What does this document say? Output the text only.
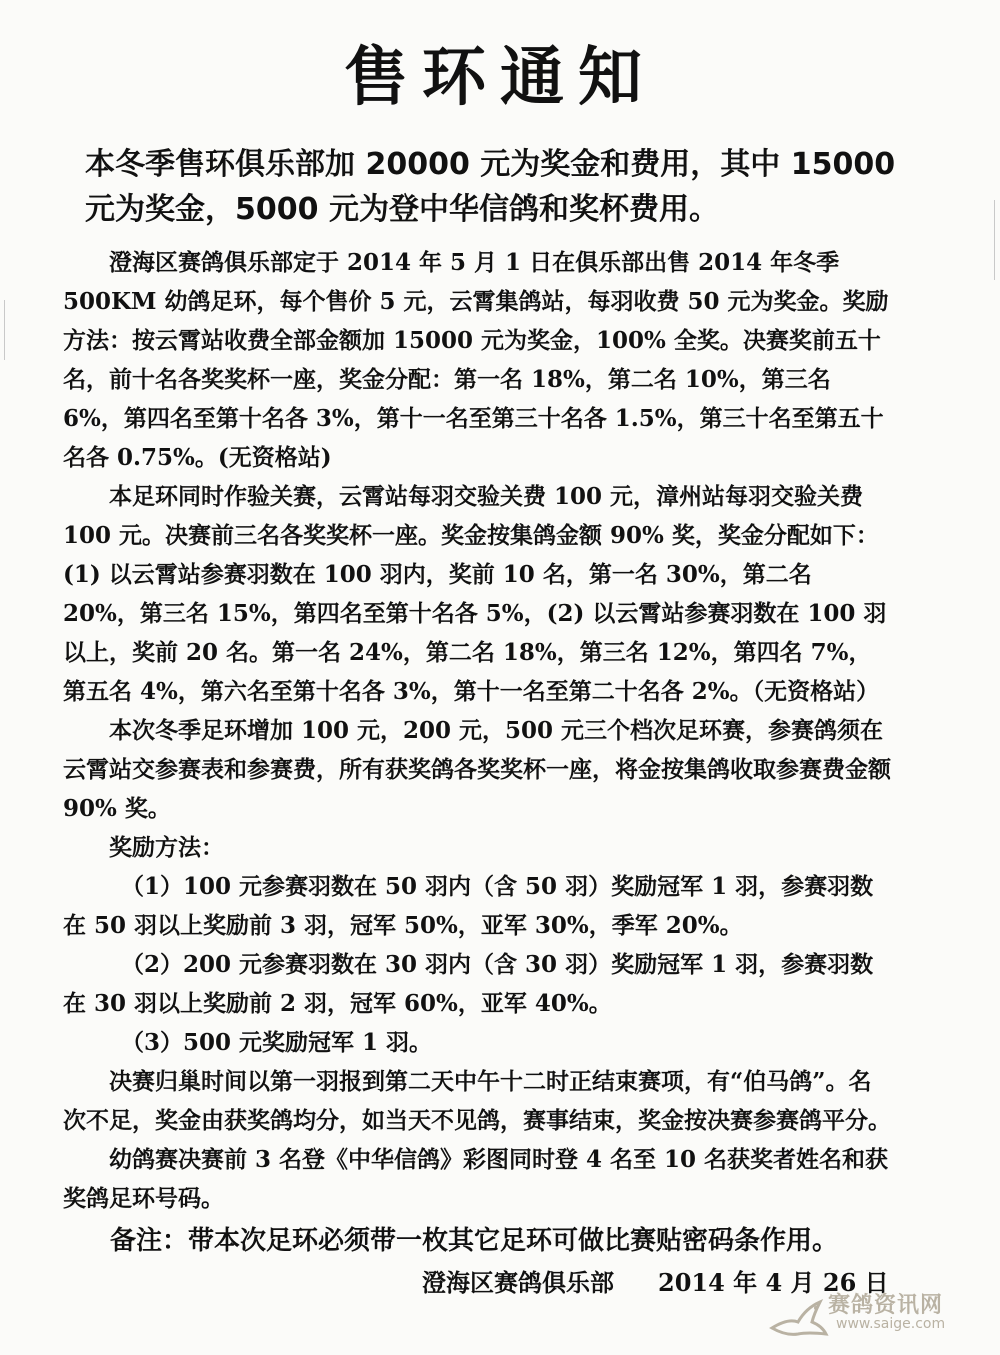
售环通知

本冬季售环俱乐部加 20000 元为奖金和费用，其中 15000

元为奖金，5000 元为登中华信鸽和奖杯费用。

澄海区赛鸽俱乐部定于 2014 年 5 月 1 日在俱乐部出售 2014 年冬季 500KM 幼鸽足环，每个售价 5 元，云霄集鸽站，每羽收费 50 元为奖金。奖励方法：按云霄站收费全部金额加 15000 元为奖金，100% 全奖。决赛奖前五十名，前十名各奖奖杯一座，奖金分配：第一名 18%，第二名 10%，第三名 6%，第四名至第十名各 3%，第十一名至第三十名各 1.5%，第三十名至第五十名各 0.75%。(无资格站)

本足环同时作验关赛，云霄站每羽交验关费 100 元，漳州站每羽交验关费 100 元。决赛前三名各奖奖杯一座。奖金按集鸽金额 90% 奖，奖金分配如下：(1) 以云霄站参赛羽数在 100 羽内，奖前 10 名，第一名 30%，第二名 20%，第三名 15%，第四名至第十名各 5%，(2) 以云霄站参赛羽数在 100 羽以上，奖前 20 名。第一名 24%，第二名 18%，第三名 12%，第四名 7%，第五名 4%，第六名至第十名各 3%，第十一名至第二十名各 2%。（无资格站）

本次冬季足环增加 100 元，200 元，500 元三个档次足环赛，参赛鸽须在云霄站交参赛表和参赛费，所有获奖鸽各奖奖杯一座，将金按集鸽收取参赛费金额 90% 奖。

奖励方法：

（1）100 元参赛羽数在 50 羽内（含 50 羽）奖励冠军 1 羽，参赛羽数在 50 羽以上奖励前 3 羽，冠军 50%，亚军 30%，季军 20%。

（2）200 元参赛羽数在 30 羽内（含 30 羽）奖励冠军 1 羽，参赛羽数在 30 羽以上奖励前 2 羽，冠军 60%，亚军 40%。

（3）500 元奖励冠军 1 羽。

决赛归巢时间以第一羽报到第二天中午十二时正结束赛项，有“伯马鸽”。名次不足，奖金由获奖鸽均分，如当天不见鸽，赛事结束，奖金按决赛参赛鸽平分。

幼鸽赛决赛前 3 名登《中华信鸽》彩图同时登 4 名至 10 名获奖者姓名和获奖鸽足环号码。

备注：带本次足环必须带一枚其它足环可做比赛贴密码条作用。
澄海区赛鸽俱乐部 2014 年 4 月 26 日
赛鸽资讯网
www.saige.com
